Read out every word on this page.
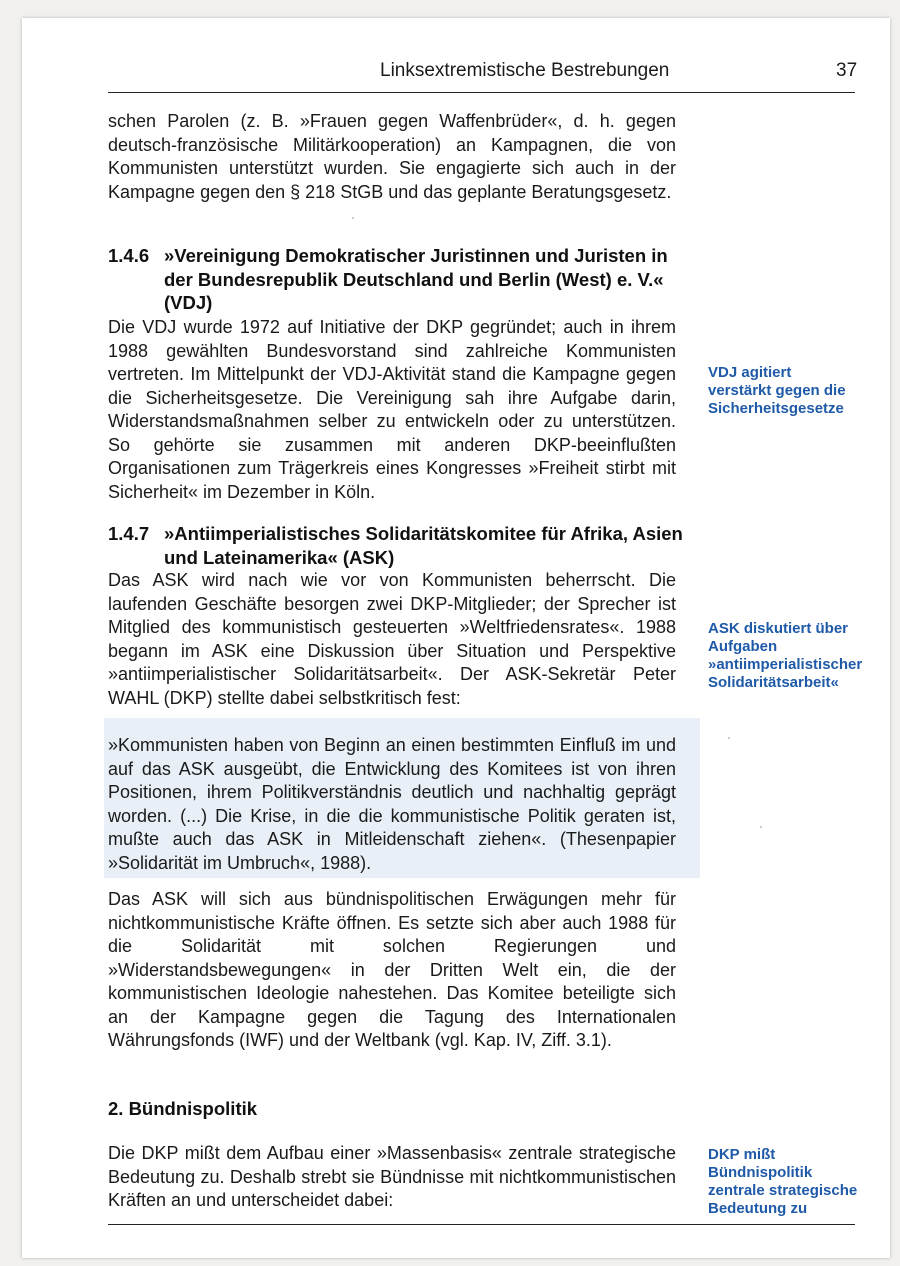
Linksextremistische Bestrebungen	37

schen Parolen (z. B. »Frauen gegen Waffenbrüder«, d. h. gegen deutsch-französische Militärkooperation) an Kampagnen, die von Kommunisten unterstützt wurden. Sie engagierte sich auch in der Kampagne gegen den § 218 StGB und das geplante Beratungsgesetz.

1.4.6 »Vereinigung Demokratischer Juristinnen und Juristen in der Bundesrepublik Deutschland und Berlin (West) e. V.« (VDJ)

Die VDJ wurde 1972 auf Initiative der DKP gegründet; auch in ihrem 1988 gewählten Bundesvorstand sind zahlreiche Kommunisten vertreten. Im Mittelpunkt der VDJ-Aktivität stand die Kampagne gegen die Sicherheitsgesetze. Die Vereinigung sah ihre Aufgabe darin, Widerstandsmaßnahmen selber zu entwickeln oder zu unterstützen. So gehörte sie zusammen mit anderen DKP-beeinflußten Organisationen zum Trägerkreis eines Kongresses »Freiheit stirbt mit Sicherheit« im Dezember in Köln.

VDJ agitiert verstärkt gegen die Sicherheitsgesetze
1.4.7 »Antiimperialistisches Solidaritätskomitee für Afrika, Asien und Lateinamerika« (ASK)

Das ASK wird nach wie vor von Kommunisten beherrscht. Die laufenden Geschäfte besorgen zwei DKP-Mitglieder; der Sprecher ist Mitglied des kommunistisch gesteuerten »Weltfriedensrates«. 1988 begann im ASK eine Diskussion über Situation und Perspektive »antiimperialistischer Solidaritätsarbeit«. Der ASK-Sekretär Peter WAHL (DKP) stellte dabei selbstkritisch fest:

ASK diskutiert über Aufgaben »antiimperialistischer Solidaritätsarbeit«

»Kommunisten haben von Beginn an einen bestimmten Einfluß im und auf das ASK ausgeübt, die Entwicklung des Komitees ist von ihren Positionen, ihrem Politikverständnis deutlich und nachhaltig geprägt worden. (...) Die Krise, in die die kommunistische Politik geraten ist, mußte auch das ASK in Mitleidenschaft ziehen«. (Thesenpapier »Solidarität im Umbruch«, 1988).

Das ASK will sich aus bündnispolitischen Erwägungen mehr für nichtkommunistische Kräfte öffnen. Es setzte sich aber auch 1988 für die Solidarität mit solchen Regierungen und »Widerstandsbewegungen« in der Dritten Welt ein, die der kommunistischen Ideologie nahestehen. Das Komitee beteiligte sich an der Kampagne gegen die Tagung des Internationalen Währungsfonds (IWF) und der Weltbank (vgl. Kap. IV, Ziff. 3.1).

2. Bündnispolitik

Die DKP mißt dem Aufbau einer »Massenbasis« zentrale strategische Bedeutung zu. Deshalb strebt sie Bündnisse mit nichtkommunistischen Kräften an und unterscheidet dabei:

DKP mißt Bündnispolitik zentrale strategische Bedeutung zu
